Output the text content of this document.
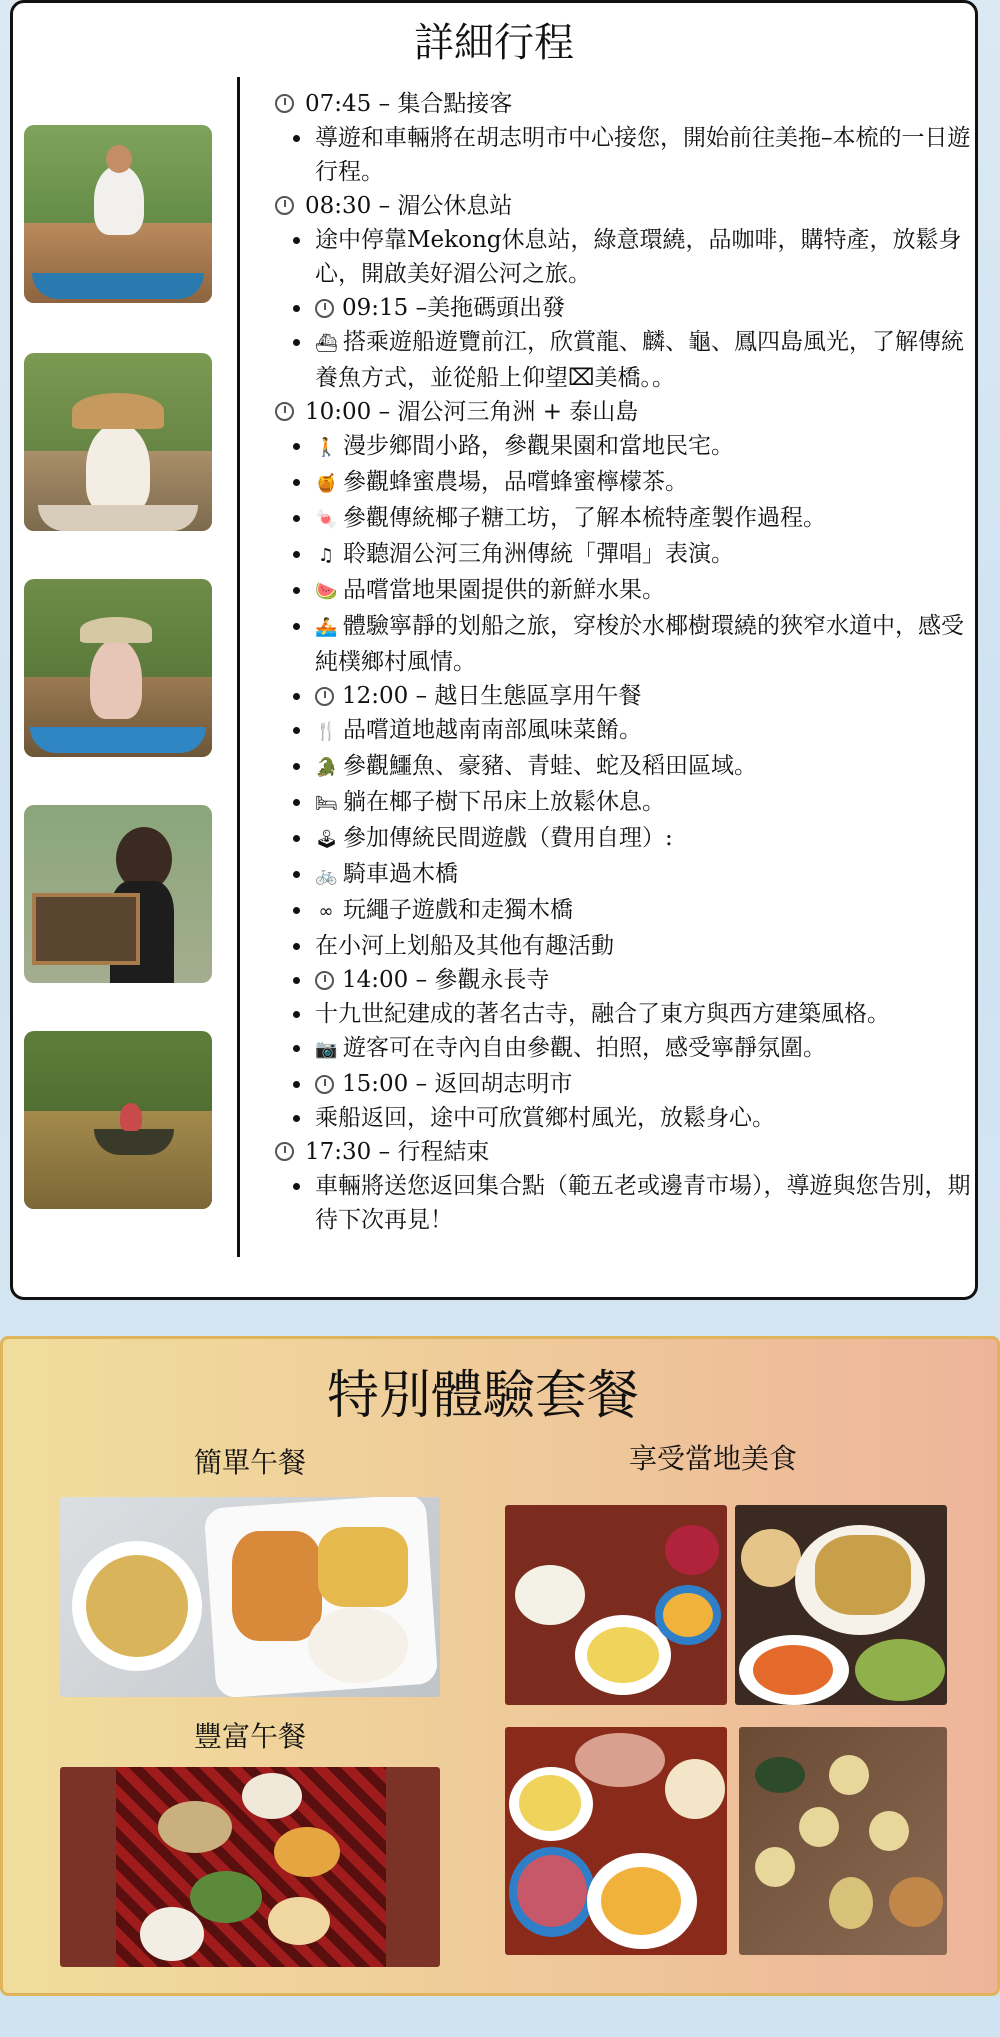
詳細行程
07:45 – 集合點接客
導遊和車輛將在胡志明市中心接您，開始前往美拖–本梳的一日遊行程。
08:30 – 湄公休息站
途中停靠Mekong休息站，綠意環繞，品咖啡，購特產，放鬆身心，開啟美好湄公河之旅。
09:15 –美拖碼頭出發
⛴ 搭乘遊船遊覽前江，欣賞龍、麟、龜、鳳四島風光，了解傳統養魚方式，並從船上仰望⌧美橋。。
10:00 – 湄公河三角洲 + 泰山島
🚶 漫步鄉間小路，參觀果園和當地民宅。
🍯 參觀蜂蜜農場，品嚐蜂蜜檸檬茶。
🍬 參觀傳統椰子糖工坊，了解本梳特產製作過程。
♫ 聆聽湄公河三角洲傳統「彈唱」表演。
🍉 品嚐當地果園提供的新鮮水果。
🚣 體驗寧靜的划船之旅，穿梭於水椰樹環繞的狹窄水道中，感受純樸鄉村風情。
12:00 – 越日生態區享用午餐
🍴 品嚐道地越南南部風味菜餚。
🐊 參觀鱷魚、豪豬、青蛙、蛇及稻田區域。
🛏 躺在椰子樹下吊床上放鬆休息。
🕹 參加傳統民間遊戲（費用自理）:
🚲 騎車過木橋
∞ 玩繩子遊戲和走獨木橋
在小河上划船及其他有趣活動
14:00 – 參觀永長寺
十九世紀建成的著名古寺，融合了東方與西方建築風格。
📷 遊客可在寺內自由參觀、拍照，感受寧靜氛圍。
15:00 – 返回胡志明市
乘船返回，途中可欣賞鄉村風光，放鬆身心。
17:30 – 行程結束
車輛將送您返回集合點（範五老或邊青市場），導遊與您告別，期待下次再見！
特別體驗套餐
簡單午餐	享受當地美食
豐富午餐
